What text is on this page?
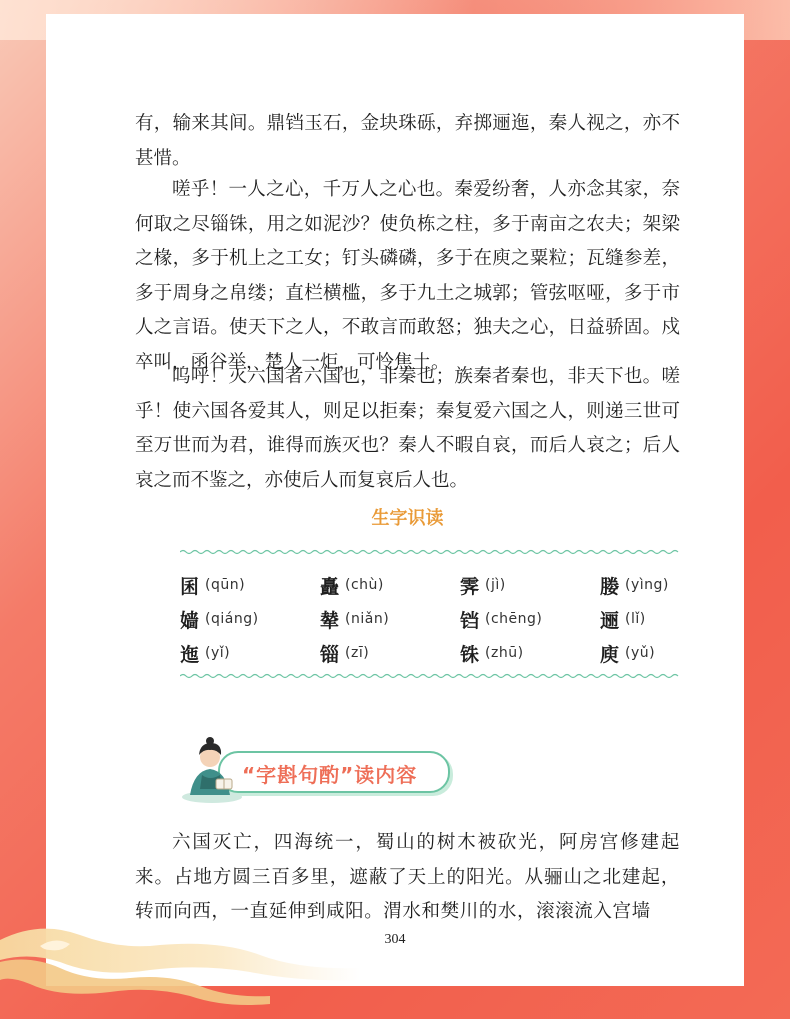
有，输来其间。鼎铛玉石，金块珠砾，弃掷逦迤，秦人视之，亦不甚惜。

嗟乎！一人之心，千万人之心也。秦爱纷奢，人亦念其家，奈何取之尽锱铢，用之如泥沙？使负栋之柱，多于南亩之农夫；架梁之椽，多于机上之工女；钉头磷磷，多于在庾之粟粒；瓦缝参差，多于周身之帛缕；直栏横槛，多于九土之城郭；管弦呕哑，多于市人之言语。使天下之人，不敢言而敢怒；独夫之心，日益骄固。戍卒叫，函谷举，楚人一炬，可怜焦土。

呜呼！灭六国者六国也，非秦也；族秦者秦也，非天下也。嗟乎！使六国各爱其人，则足以拒秦；秦复爱六国之人，则递三世可至万世而为君，谁得而族灭也？秦人不暇自哀，而后人哀之；后人哀之而不鉴之，亦使后人而复哀后人也。

生字识读
囷 (qūn)	矗 (chù)	霁 (jì)	媵 (yìng)
嫱 (qiáng)	辇 (niǎn)	铛 (chēng)	逦 (lǐ)
迤 (yǐ)	锱 (zī)	铢 (zhū)	庾 (yǔ)
“字斟句酌”读内容

六国灭亡，四海统一，蜀山的树木被砍光，阿房宫修建起来。占地方圆三百多里，遮蔽了天上的阳光。从骊山之北建起，转而向西，一直延伸到咸阳。渭水和樊川的水，滚滚流入宫墙

304
